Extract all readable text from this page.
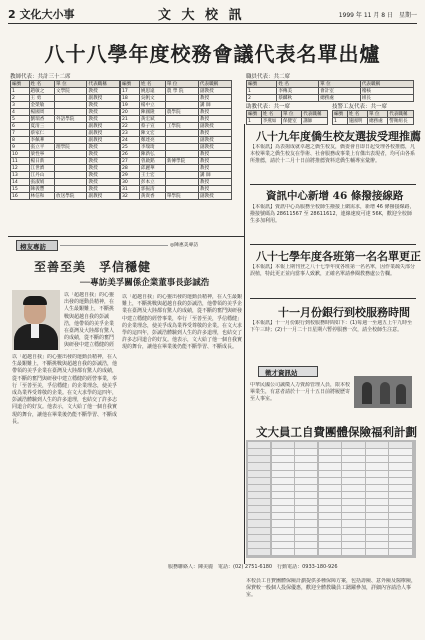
2 文化大小事	文 大 校 訊	1999 年 11 月 8 日　星期一
八十八學年度校務會議代表名單出爐
教師代表：共計三十二席
編號	姓 名	單 位	代表職稱
1	趙敏之	文學院	教授
2	王 勇		副教授
3	金榮敏		教授
4	楊國周		教授
5	劉瑞香	外語學院	教授
6	夏清三		副教授
7	蔡家仁		副教授
8	李佩華		副教授
9	張立平	理學院	教授
10	梁性寧		教授
11	楊日新		教授
12	江世濟		教授
13	江丹山		教授
14	張淑娟		教授
15	陳義豐		教授
16	林信和	放送學院	副教授
編號	姓 名	單 位	代表職稱
17	姚思遠	農 學 院	副教授
18	吳帆文		教授
19	楊中立		講 師
20	陳國隆	農學院	教授
21	黃宏斌		教授
22	蔡子宣	工學院	副教授
23	陳文宏		教授
24	鄭達亮		副教授
25	李瑞琦		副教授
26	陳新弘		教授
27	曾啟銘	新傳學院	教授
28	邱麗華		教授
29	王士宏		講 師
30	彭本立		教授
31	郭振清		教授
32	黃貴香	單學院	副教授
職員代表：共二席
編號	姓 名	單 位	代表職稱
1	李傳美	會計室	稽核
2	蔡麟秋	總務處	組長
助教代表：共一席
編號	姓 名	單 位	代表職稱
1	李燕如	保健室	講師
技警工友代表：共一席
編號	姓 名	單 位	代表職稱
1	施國明	總務處	警衛組長
八十九年度僑生校友選拔受理推薦
【本報訊】為表揚成就卓越之僑生校友，僑委會自即日起受理各校推薦，凡本校畢業之僑生校友在學術、社會服務或事業上有傑出表現者，均可由各系所推薦，請於十二月十日前將推薦資料送僑生輔導室彙辦。
資訊中心新增 46 條撥接線路
【本報訊】資訊中心為服務全校師生撥接上網需求，新增 46 條撥接線路，撥接號碼為 28611567 至 28611612，連線速度可達 56K，歡迎全校師生多加利用。
八十七學年度各班第一名名單更正
【本報訊】本報上期刊登之八十七學年度各班第一名名單，因作業疏失部分誤植，特此更正並向當事人致歉，正確名單請參閱教務處公告欄。
十一月份銀行到校服務時間
【本報訊】十一月份銀行到校服務時間如下：(1)每週一至週五上午九時至下午三時；(2)十一月二十日星期六暫停服務一次，請全校師生注意。
徵才資訊站
中華民國公司誠徵人力資源管理人員，限本校畢業生，有意者請於十一月十五日前將履歷寄至人事室。
文大員工自費團體保險福利計劃
服務聯絡人：陳美麗　電話：(02) 2751-6180　行動電話：0933-180-926
榜友專訪	◎陳惠美專訪
至善至美　孚信穩健
──專訪美孚關係企業董事長彭誠浩
以「超越自我」的心靈出發的運動員精神，在人生最艱難上，不斷挑戰與超越自我的彭誠浩，他帶領的美孚企業在臺灣及大陸都有驚人的成績，從不斷的奮鬥與研發中建立穩健的經
以「超越自我」的心靈出發的運動員精神，在人生最艱難上，不斷挑戰與超越自我的彭誠浩，他帶領的美孚企業在臺灣及大陸都有驚人的成績，從不斷的奮鬥與研發中建立穩健的經營事業，奉行「至善至美，孚信穩健」的企業理念，使美孚成為業界受尊敬的企業。在文大求學的這四年，彭誠浩體驗到人生的許多道理，也結交了許多志同道合的好友。他表示，文大給了他一個自我實現的舞台，讓他在畢業後仍能不斷學習、不斷成長。
以「超越自我」的心靈出發的運動員精神，在人生最艱難上，不斷挑戰與超越自我的彭誠浩，他帶領的美孚企業在臺灣及大陸都有驚人的成績，從不斷的奮鬥與研發中建立穩健的經營事業，奉行「至善至美，孚信穩健」的企業理念，使美孚成為業界受尊敬的企業。在文大求學的這四年，彭誠浩體驗到人生的許多道理，也結交了許多志同道合的好友。他表示，文大給了他一個自我實現的舞台，讓他在畢業後仍能不斷學習、不斷成長。
本校員工自費團體保險計劃提供多種保障方案，包括壽險、意外險及醫療險，保費較一般個人投保優惠，歡迎全體教職員工踴躍參加，詳細內容請洽人事室。
